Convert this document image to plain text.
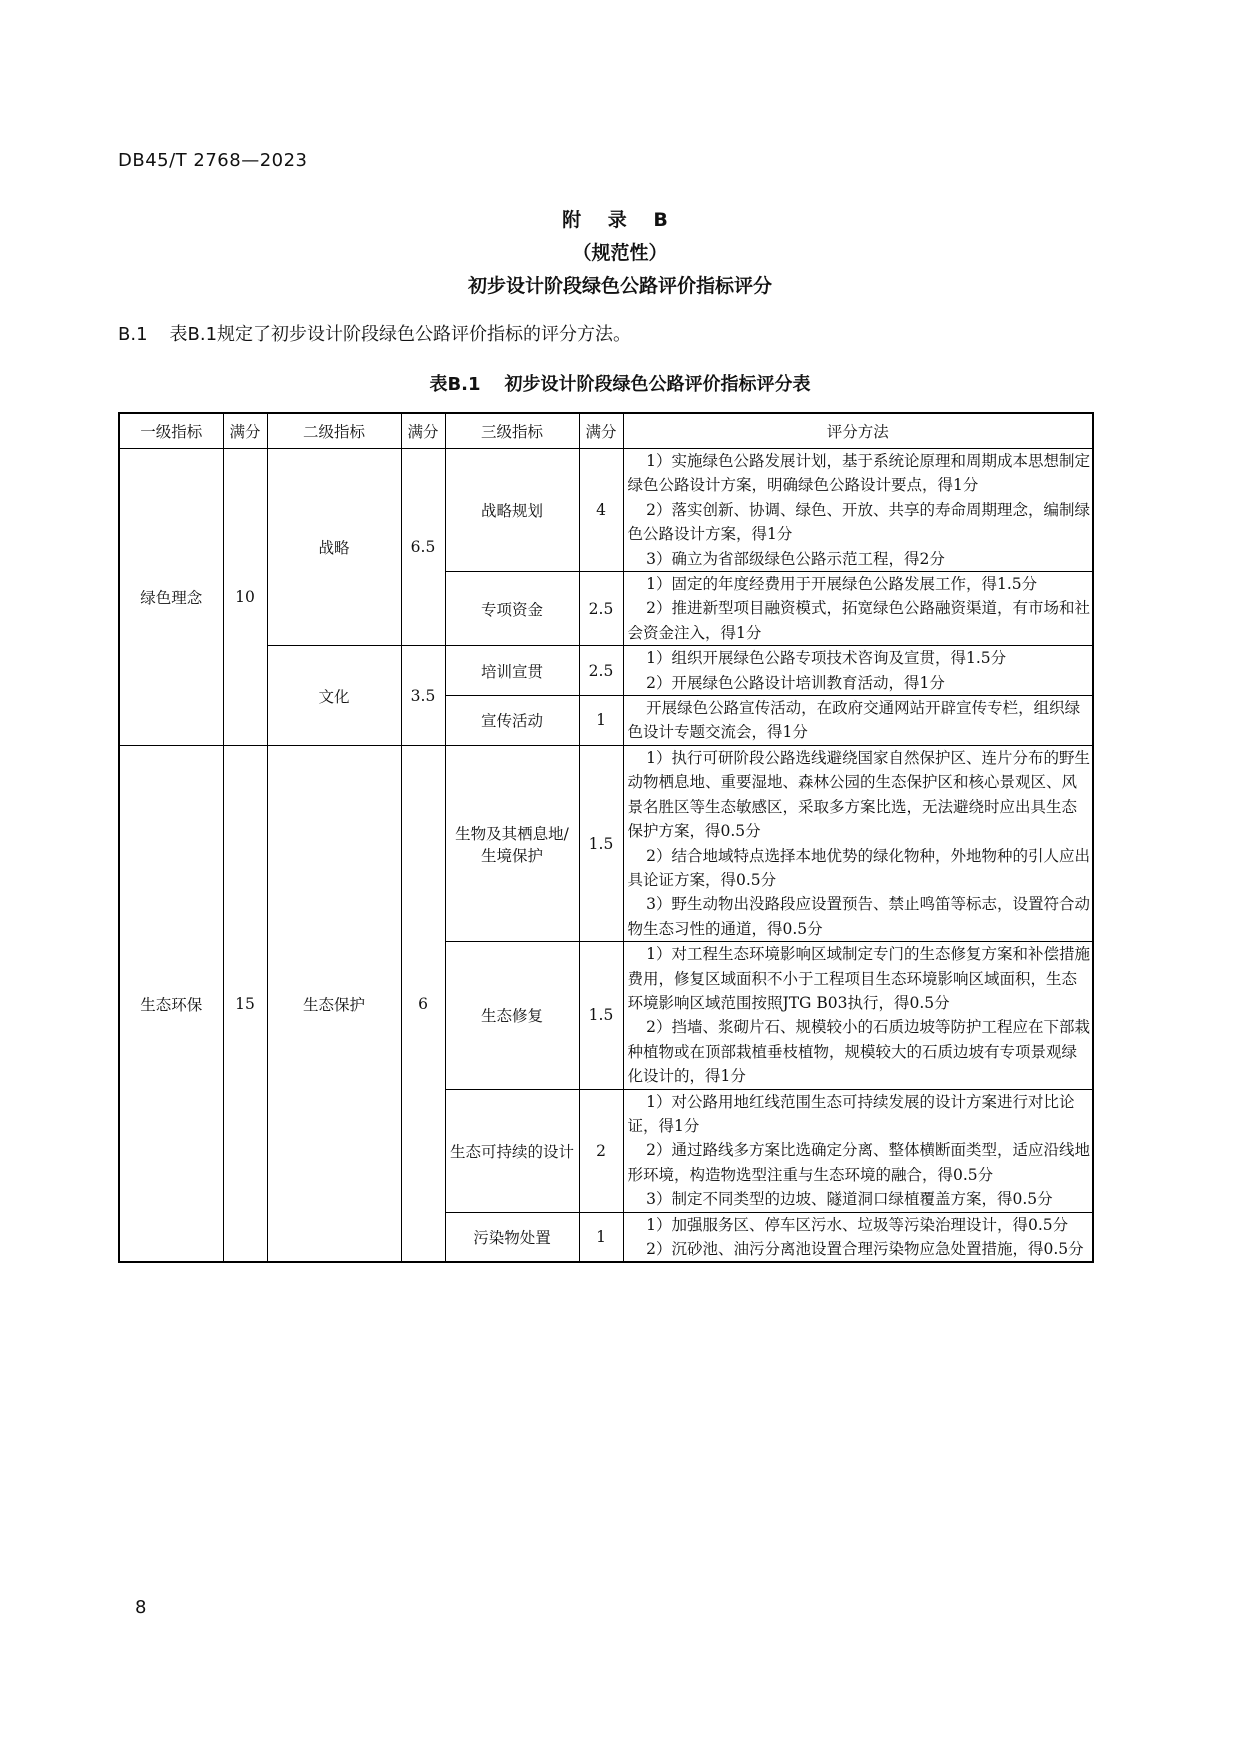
DB45/T 2768—2023
附 录 B
（规范性）
初步设计阶段绿色公路评价指标评分
B.1 表B.1规定了初步设计阶段绿色公路评价指标的评分方法。
表B.1 初步设计阶段绿色公路评价指标评分表
一级指标	满分	二级指标	满分	三级指标	满分	评分方法
绿色理念	10	战略	6.5	战略规划	4	1）实施绿色公路发展计划，基于系统论原理和周期成本思想制定绿色公路设计方案，明确绿色公路设计要点，得1分
2）落实创新、协调、绿色、开放、共享的寿命周期理念，编制绿色公路设计方案，得1分
3）确立为省部级绿色公路示范工程，得2分

				专项资金	2.5	1）固定的年度经费用于开展绿色公路发展工作，得1.5分
2）推进新型项目融资模式，拓宽绿色公路融资渠道，有市场和社会资金注入，得1分

		文化	3.5	培训宣贯	2.5	1）组织开展绿色公路专项技术咨询及宣贯，得1.5分
2）开展绿色公路设计培训教育活动，得1分

				宣传活动	1	开展绿色公路宣传活动，在政府交通网站开辟宣传专栏，组织绿色设计专题交流会，得1分

生态环保	15	生态保护	6	生物及其栖息地/生境保护	1.5	1）执行可研阶段公路选线避绕国家自然保护区、连片分布的野生动物栖息地、重要湿地、森林公园的生态保护区和核心景观区、风景名胜区等生态敏感区，采取多方案比选，无法避绕时应出具生态保护方案，得0.5分
2）结合地域特点选择本地优势的绿化物种，外地物种的引人应出具论证方案，得0.5分
3）野生动物出没路段应设置预告、禁止鸣笛等标志，设置符合动物生态习性的通道，得0.5分

				生态修复	1.5	1）对工程生态环境影响区域制定专门的生态修复方案和补偿措施费用，修复区域面积不小于工程项目生态环境影响区域面积，生态环境影响区域范围按照JTG B03执行，得0.5分
2）挡墙、浆砌片石、规模较小的石质边坡等防护工程应在下部栽种植物或在顶部栽植垂枝植物，规模较大的石质边坡有专项景观绿化设计的，得1分

				生态可持续的设计	2	1）对公路用地红线范围生态可持续发展的设计方案进行对比论证，得1分
2）通过路线多方案比选确定分离、整体横断面类型，适应沿线地形环境，构造物选型注重与生态环境的融合，得0.5分
3）制定不同类型的边坡、隧道洞口绿植覆盖方案，得0.5分

				污染物处置	1	1）加强服务区、停车区污水、垃圾等污染治理设计，得0.5分
2）沉砂池、油污分离池设置合理污染物应急处置措施，得0.5分
8
